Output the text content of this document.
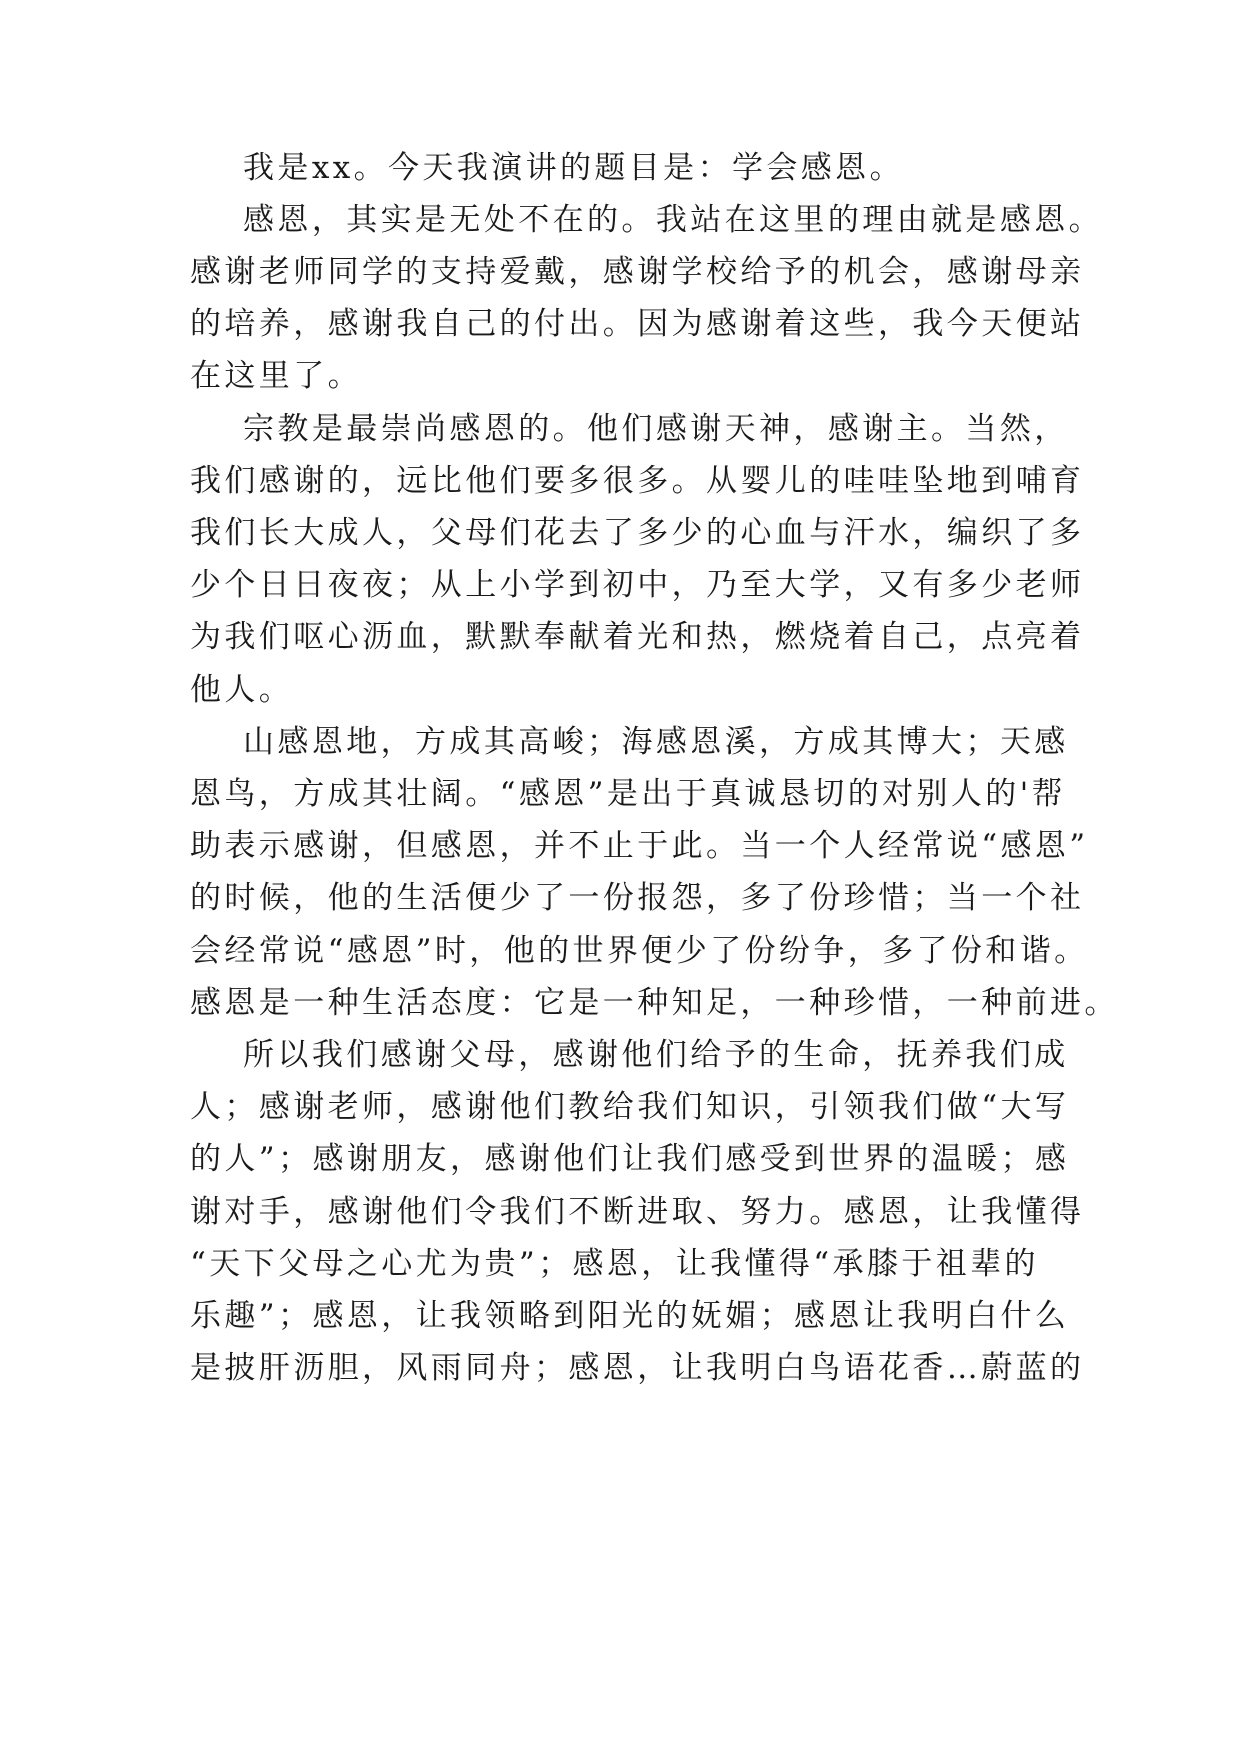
我是xx。今天我演讲的题目是：学会感恩。
感恩，其实是无处不在的。我站在这里的理由就是感恩。
感谢老师同学的支持爱戴，感谢学校给予的机会，感谢母亲
的培养，感谢我自己的付出。因为感谢着这些，我今天便站
在这里了。
宗教是最崇尚感恩的。他们感谢天神，感谢主。当然，
我们感谢的，远比他们要多很多。从婴儿的哇哇坠地到哺育
我们长大成人，父母们花去了多少的心血与汗水，编织了多
少个日日夜夜；从上小学到初中，乃至大学，又有多少老师
为我们呕心沥血，默默奉献着光和热，燃烧着自己，点亮着
他人。
山感恩地，方成其高峻；海感恩溪，方成其博大；天感
恩鸟，方成其壮阔。“感恩”是出于真诚恳切的对别人的'帮
助表示感谢，但感恩，并不止于此。当一个人经常说“感恩”
的时候，他的生活便少了一份报怨，多了份珍惜；当一个社
会经常说“感恩”时，他的世界便少了份纷争，多了份和谐。
感恩是一种生活态度：它是一种知足，一种珍惜，一种前进。
所以我们感谢父母，感谢他们给予的生命，抚养我们成
人；感谢老师，感谢他们教给我们知识，引领我们做“大写
的人”；感谢朋友，感谢他们让我们感受到世界的温暖；感
谢对手，感谢他们令我们不断进取、努力。感恩，让我懂得
“天下父母之心尤为贵”；感恩，让我懂得“承膝于祖辈的
乐趣”；感恩，让我领略到阳光的妩媚；感恩让我明白什么
是披肝沥胆，风雨同舟；感恩，让我明白鸟语花香…蔚蓝的
